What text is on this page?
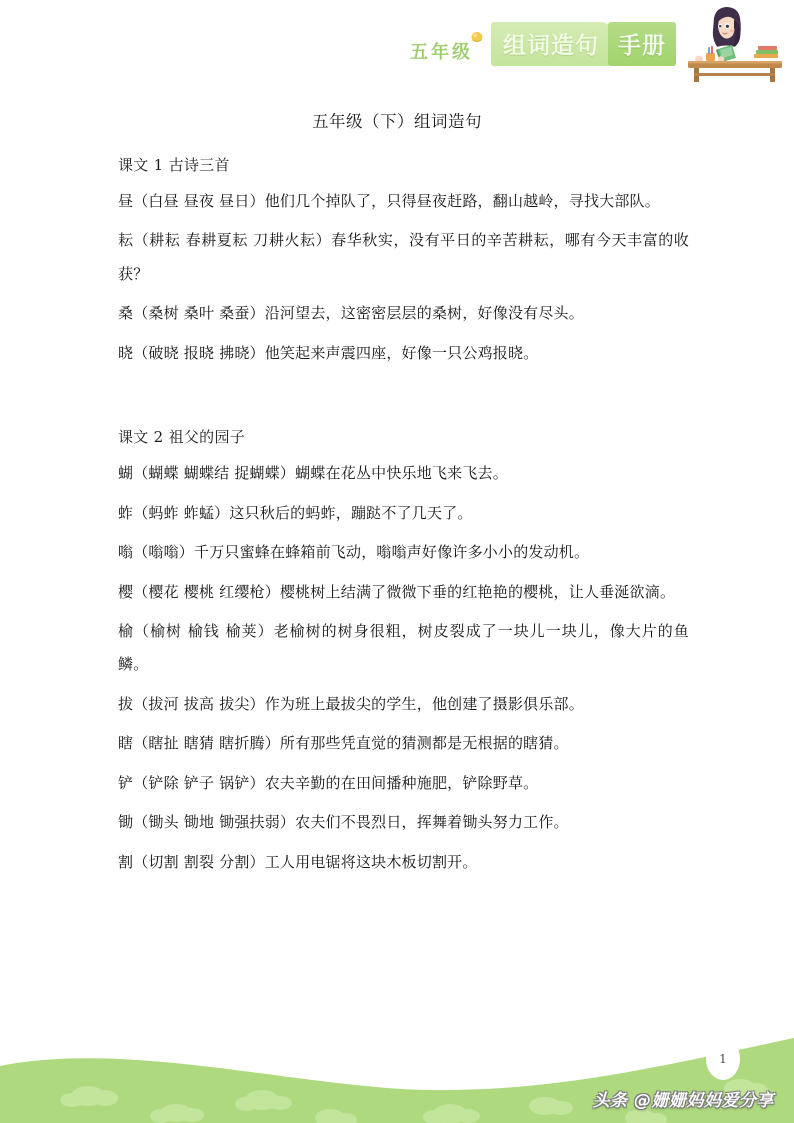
五年级	组词造句 手册
五年级（下）组词造句
课文 1 古诗三首

昼（白昼 昼夜 昼日）他们几个掉队了，只得昼夜赶路，翻山越岭，寻找大部队。

耘（耕耘 春耕夏耘 刀耕火耘）春华秋实，没有平日的辛苦耕耘，哪有今天丰富的收获？

桑（桑树 桑叶 桑蚕）沿河望去，这密密层层的桑树，好像没有尽头。

晓（破晓 报晓 拂晓）他笑起来声震四座，好像一只公鸡报晓。

课文 2 祖父的园子

蝴（蝴蝶 蝴蝶结 捉蝴蝶）蝴蝶在花丛中快乐地飞来飞去。

蚱（蚂蚱 蚱蜢）这只秋后的蚂蚱，蹦跶不了几天了。

嗡（嗡嗡）千万只蜜蜂在蜂箱前飞动，嗡嗡声好像许多小小的发动机。

樱（樱花 樱桃 红缨枪）樱桃树上结满了微微下垂的红艳艳的樱桃，让人垂涎欲滴。

榆（榆树 榆钱 榆荚）老榆树的树身很粗，树皮裂成了一块儿一块儿，像大片的鱼鳞。

拔（拔河 拔高 拔尖）作为班上最拔尖的学生，他创建了摄影俱乐部。

瞎（瞎扯 瞎猜 瞎折腾）所有那些凭直觉的猜测都是无根据的瞎猜。

铲（铲除 铲子 锅铲）农夫辛勤的在田间播种施肥，铲除野草。

锄（锄头 锄地 锄强扶弱）农夫们不畏烈日，挥舞着锄头努力工作。

割（切割 割裂 分割）工人用电锯将这块木板切割开。

1
头条 @姗姗妈妈爱分享
